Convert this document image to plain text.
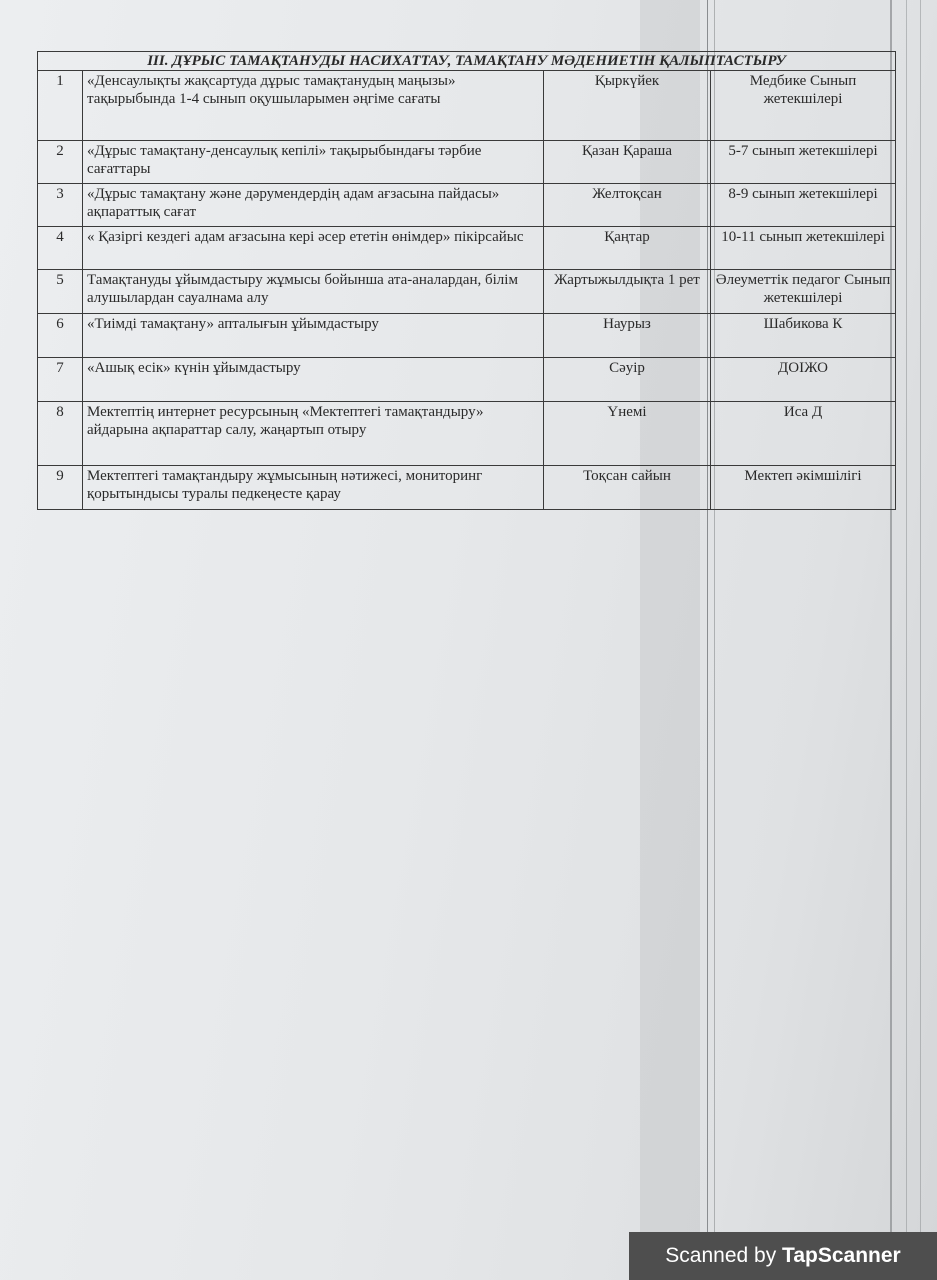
III. ДҰРЫС ТАМАҚТАНУДЫ НАСИХАТТАУ, ТАМАҚТАНУ МӘДЕНИЕТІН ҚАЛЫПТАСТЫРУ			
1	«Денсаулықты жақсартуда дұрыс тамақтанудың маңызы» тақырыбында 1-4 сынып оқушыларымен әңгіме сағаты	Қыркүйек	Медбике Сынып жетекшілері
2	«Дұрыс тамақтану-денсаулық кепілі» тақырыбындағы тәрбие сағаттары	Қазан Қараша	5-7 сынып жетекшілері
3	«Дұрыс тамақтану және дәрумендердің адам ағзасына пайдасы» ақпараттық сағат	Желтоқсан	8-9 сынып жетекшілері
4	« Қазіргі кездегі адам ағзасына кері әсер ететін өнімдер» пікірсайыс	Қаңтар	10-11 сынып жетекшілері
5	Тамақтануды ұйымдастыру жұмысы бойынша ата-аналардан, білім алушылардан сауалнама алу	Жартыжылдықта 1 рет	Әлеуметтік педагог Сынып жетекшілері
6	«Тиімді тамақтану» апталығын ұйымдастыру	Наурыз	Шабикова К
7	«Ашық есік» күнін ұйымдастыру	Сәуір	ДОІЖО
8	Мектептің интернет ресурсының «Мектептегі тамақтандыру» айдарына ақпараттар салу, жаңартып отыру	Үнемі	Иса Д
9	Мектептегі тамақтандыру жұмысының нәтижесі, мониторинг қорытындысы туралы педкеңесте қарау	Тоқсан сайын	Мектеп әкімшілігі
Scanned by TapScanner
